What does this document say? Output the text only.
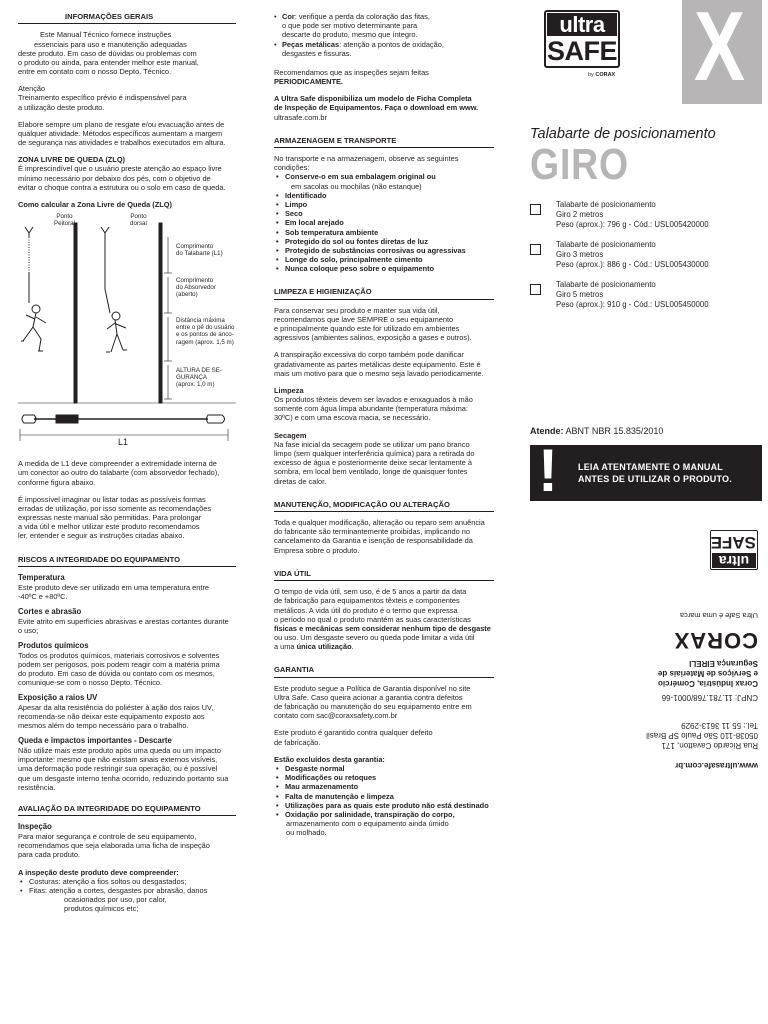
INFORMAÇÕES GERAIS
Este Manual Técnico fornece instruções
essenciais para uso e manutenção adequadas
deste produto. Em caso de dúvidas ou problemas com
o produto ou ainda, para entender melhor este manual,
entre em contato com o nosso Depto. Técnico.
Atenção
Treinamento específico prévio é indispensável para
a utilização deste produto.
Elabore sempre um plano de resgate e/ou evacuação antes de
qualquer atividade. Métodos específicos aumentam a margem
de segurança nas atividades e trabalhos executados em altura.
ZONA LIVRE DE QUEDA (ZLQ)
É imprescindível que o usuário preste atenção ao espaço livre
mínimo necessário por debaixo dos pés, com o objetivo de
evitar o choque contra a estrutura ou o solo em caso de queda.
Como calcular a Zona Livre de Queda (ZLQ)
Ponto
Peitoral
Ponto
dorsal
Comprimento
do Talabarte (L1)
Comprimento
do Absorvedor
(aberto)
Distância máxima
entre o pé do usuário
e os pontos de anco-
ragem (aprox. 1,5 m)
ALTURA DE SE-
GURANÇA
(aprox. 1,0 m)
L1
A medida de L1 deve compreender a extremidade interna de
um conector ao outro do talabarte (com absorvedor fechado),
conforme figura abaixo.
É impossível imaginar ou listar todas as possíveis formas
erradas de utilização, por isso somente as recomendações
expressas neste manual são permitidas. Para prolongar
a vida útil e melhor utilizar este produto recomendamos
ler, entender e seguir as instruções citadas abaixo.
RISCOS A INTEGRIDADE DO EQUIPAMENTO
Temperatura
Este produto deve ser utilizado em uma temperatura entre
-40ºC e +80ºC.
Cortes e abrasão
Evite atrito em superfícies abrasivas e arestas cortantes durante
o uso;
Produtos químicos
Todos os produtos químicos, materiais corrosivos e solventes
podem ser perigosos, pois podem reagir com a matéria prima
do produto. Em caso de dúvida ou contato com os mesmos,
comunique-se com o nosso Depto. Técnico.
Exposição a raios UV
Apesar da alta resistência do poliéster à ação dos raios UV,
recomenda-se não deixar este equipamento exposto aos
mesmos além do tempo necessário para o trabalho.
Queda e impactos importantes - Descarte
Não utilize mais este produto após uma queda ou um impacto
importante: mesmo que não existam sinais externos visíveis,
uma deformação pode restringir sua operação, ou é possível
que um desgaste interno tenha ocorrido, reduzindo portanto sua
resistência.
AVALIAÇÃO DA INTEGRIDADE DO EQUIPAMENTO
Inspeção
Para maior segurança e controle de seu equipamento,
recomendamos que seja elaborada uma ficha de inspeção
para cada produto.
A inspeção deste produto deve compreender:
• Costuras: atenção a fios soltos ou desgastados;
• Fitas: atenção a cortes, desgastes por abrasão, danos
ocasionados por uso, por calor,
produtos químicos etc;
• Cor: verifique a perda da coloração das fitas,
o que pode ser motivo determinante para
descarte do produto, mesmo que íntegro.
• Peças metálicas: atenção a pontos de oxidação,
desgastes e fissuras.
Recomendamos que as inspeções sejam feitas
PERIODICAMENTE.
A Ultra Safe disponibiliza um modelo de Ficha Completa
de Inspeção de Equipamentos. Faça o download em www.
ultrasafe.com.br
ARMAZENAGEM E TRANSPORTE
No transporte e na armazenagem, observe as seguintes
condições:
• Conserve-o em sua embalagem original ou
em sacolas ou mochilas (não estanque)
• Identificado
• Limpo
• Seco
• Em local arejado
• Sob temperatura ambiente
• Protegido do sol ou fontes diretas de luz
• Protegido de substâncias corrosivas ou agressivas
• Longe do solo, principalmente cimento
• Nunca coloque peso sobre o equipamento
LIMPEZA E HIGIENIZAÇÃO
Para conservar seu produto e manter sua vida útil,
recomendamos que lave SEMPRE o seu equipamento
e principalmente quando este for utilizado em ambientes
agressivos (ambientes salinos, exposição a gases e outros).
A transpiração excessiva do corpo também pode danificar
gradativamente as partes metálicas deste equipamento. Este é
mais um motivo para que o mesmo seja lavado periodicamente.
Limpeza
Os produtos têxteis devem ser lavados e enxaguados à mão
somente com água limpa abundante (temperatura máxima:
30ºC) e com uma escova macia, se necessário.
Secagem
Na fase inicial da secagem pode se utilizar um pano branco
limpo (sem qualquer interferência química) para a retirada do
excesso de água e posteriormente deixe secar lentamente à
sombra, em local bem ventilado, longe de quaisquer fontes
diretas de calor.
MANUTENÇÃO, MODIFICAÇÃO OU ALTERAÇÃO
Toda e qualquer modificação, alteração ou reparo sem anuência
do fabricante são terminantemente proibidas, implicando no
cancelamento da Garantia e isenção de responsabilidade da
Empresa sobre o produto.
VIDA ÚTIL
O tempo de vida útil, sem uso, é de 5 anos a partir da data
de fabricação para equipamentos têxteis e componentes
metálicos. A vida útil do produto é o termo que expressa
o período no qual o produto mantém as suas características
físicas e mecânicas sem considerar nenhum tipo de desgaste
ou uso. Um desgaste severo ou queda pode limitar a vida útil
a uma única utilização.
GARANTIA
Este produto segue a Política de Garantia disponível no site
Ultra Safe. Caso queira acionar a garantia contra defeitos
de fabricação ou manutenção do seu equipamento entre em
contato com sac@coraxsafety.com.br
Este produto é garantido contra qualquer defeito
de fabricação.
Estão excluídos desta garantia:
• Desgaste normal
• Modificações ou retoques
• Mau armazenamento
• Falta de manutenção e limpeza
• Utilizações para as quais este produto não está destinado
• Oxidação por salinidade, transpiração do corpo,
armazenamento com o equipamento ainda úmido
ou molhado.
ultra
SAFE
by CORAX X
Talabarte de posicionamento
GIRO
Talabarte de posicionamento
Giro 2 metros
Peso (aprox.): 796 g - Cód.: USL005420000
Talabarte de posicionamento
Giro 3 metros
Peso (aprox.): 886 g - Cód.: USL005430000
Talabarte de posicionamento
Giro 5 metros
Peso (aprox.): 910 g - Cód.: USL005450000
Atende: ABNT NBR 15.835/2010
! LEIA ATENTAMENTE O MANUAL
ANTES DE UTILIZAR O PRODUTO.
www.ultrasafe.com.br
Rua Ricardo Cavatton, 171
05038-110 São Paulo SP Brasil
Tel.: 55 11 3613-2929
CNPJ: 11.781.768/0001-66
Corax Indústria, Comércio
e Serviços de Materiais de
Segurança EIRELI
CORAX
Ultra Safe é uma marca
ultra
SAFE
